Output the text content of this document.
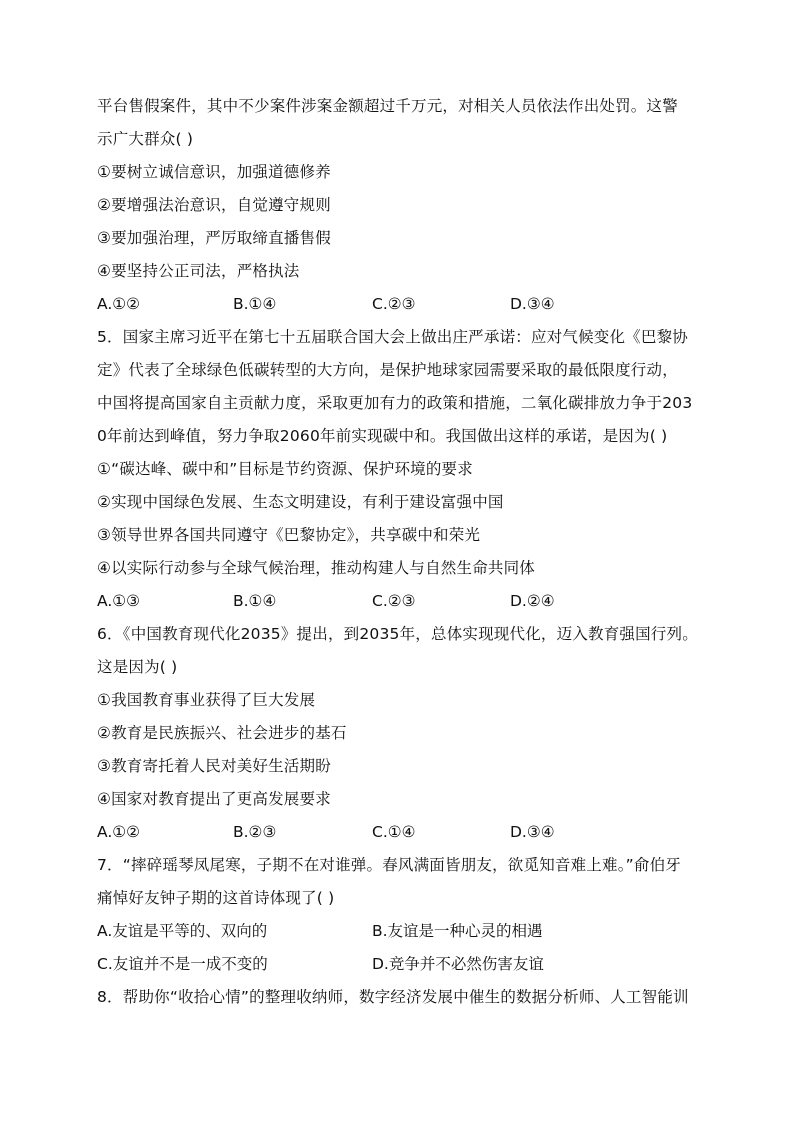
平台售假案件，其中不少案件涉案金额超过千万元，对相关人员依法作出处罚。这警
示广大群众( )
①要树立诚信意识，加强道德修养
②要增强法治意识，自觉遵守规则
③要加强治理，严厉取缔直播售假
④要坚持公正司法，严格执法
A.①②	B.①④	C.②③	D.③④
5．国家主席习近平在第七十五届联合国大会上做出庄严承诺：应对气候变化《巴黎协
定》代表了全球绿色低碳转型的大方向，是保护地球家园需要采取的最低限度行动，
中国将提高国家自主贡献力度，采取更加有力的政策和措施，二氧化碳排放力争于203
0年前达到峰值，努力争取2060年前实现碳中和。我国做出这样的承诺，是因为( )
①“碳达峰、碳中和”目标是节约资源、保护环境的要求
②实现中国绿色发展、生态文明建设，有利于建设富强中国
③领导世界各国共同遵守《巴黎协定》，共享碳中和荣光
④以实际行动参与全球气候治理，推动构建人与自然生命共同体
A.①③	B.①④	C.②③	D.②④
6．《中国教育现代化2035》提出，到2035年，总体实现现代化，迈入教育强国行列。
这是因为( )
①我国教育事业获得了巨大发展
②教育是民族振兴、社会进步的基石
③教育寄托着人民对美好生活期盼
④国家对教育提出了更高发展要求
A.①②	B.②③	C.①④	D.③④
7．“摔碎瑶琴凤尾寒，子期不在对谁弹。春风满面皆朋友，欲觅知音难上难。”俞伯牙
痛悼好友钟子期的这首诗体现了( )
A.友谊是平等的、双向的	B.友谊是一种心灵的相遇
C.友谊并不是一成不变的	D.竞争并不必然伤害友谊
8．帮助你“收拾心情”的整理收纳师，数字经济发展中催生的数据分析师、人工智能训
